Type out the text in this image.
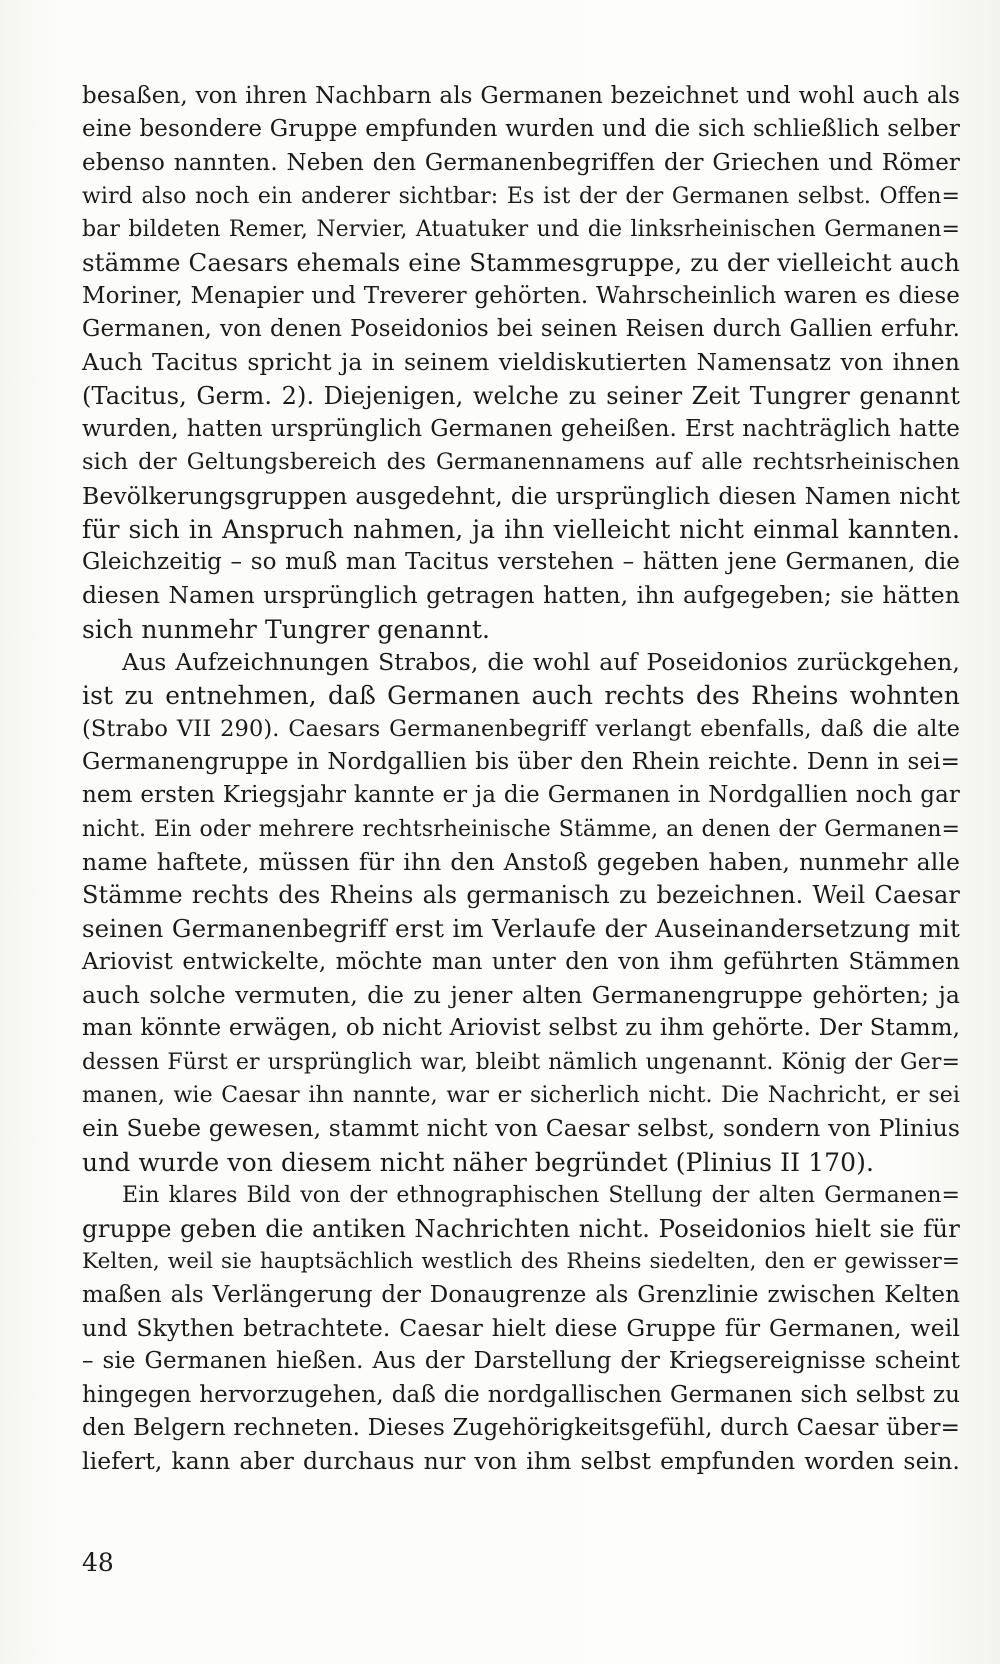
besaßen, von ihren Nachbarn als Germanen bezeichnet und wohl auch als

eine besondere Gruppe empfunden wurden und die sich schließlich selber

ebenso nannten. Neben den Germanenbegriffen der Griechen und Römer

wird also noch ein anderer sichtbar: Es ist der der Germanen selbst. Offen=

bar bildeten Remer, Nervier, Atuatuker und die linksrheinischen Germanen=

stämme Caesars ehemals eine Stammesgruppe, zu der vielleicht auch

Moriner, Menapier und Treverer gehörten. Wahrscheinlich waren es diese

Germanen, von denen Poseidonios bei seinen Reisen durch Gallien erfuhr.

Auch Tacitus spricht ja in seinem vieldiskutierten Namensatz von ihnen

(Tacitus, Germ. 2). Diejenigen, welche zu seiner Zeit Tungrer genannt

wurden, hatten ursprünglich Germanen geheißen. Erst nachträglich hatte

sich der Geltungsbereich des Germanennamens auf alle rechtsrheinischen

Bevölkerungsgruppen ausgedehnt, die ursprünglich diesen Namen nicht

für sich in Anspruch nahmen, ja ihn vielleicht nicht einmal kannten.

Gleichzeitig – so muß man Tacitus verstehen – hätten jene Germanen, die

diesen Namen ursprünglich getragen hatten, ihn aufgegeben; sie hätten

sich nunmehr Tungrer genannt.

Aus Aufzeichnungen Strabos, die wohl auf Poseidonios zurückgehen,

ist zu entnehmen, daß Germanen auch rechts des Rheins wohnten

(Strabo VII 290). Caesars Germanenbegriff verlangt ebenfalls, daß die alte

Germanengruppe in Nordgallien bis über den Rhein reichte. Denn in sei=

nem ersten Kriegsjahr kannte er ja die Germanen in Nordgallien noch gar

nicht. Ein oder mehrere rechtsrheinische Stämme, an denen der Germanen=

name haftete, müssen für ihn den Anstoß gegeben haben, nunmehr alle

Stämme rechts des Rheins als germanisch zu bezeichnen. Weil Caesar

seinen Germanenbegriff erst im Verlaufe der Auseinandersetzung mit

Ariovist entwickelte, möchte man unter den von ihm geführten Stämmen

auch solche vermuten, die zu jener alten Germanengruppe gehörten; ja

man könnte erwägen, ob nicht Ariovist selbst zu ihm gehörte. Der Stamm,

dessen Fürst er ursprünglich war, bleibt nämlich ungenannt. König der Ger=

manen, wie Caesar ihn nannte, war er sicherlich nicht. Die Nachricht, er sei

ein Suebe gewesen, stammt nicht von Caesar selbst, sondern von Plinius

und wurde von diesem nicht näher begründet (Plinius II 170).

Ein klares Bild von der ethnographischen Stellung der alten Germanen=

gruppe geben die antiken Nachrichten nicht. Poseidonios hielt sie für

Kelten, weil sie hauptsächlich westlich des Rheins siedelten, den er gewisser=

maßen als Verlängerung der Donaugrenze als Grenzlinie zwischen Kelten

und Skythen betrachtete. Caesar hielt diese Gruppe für Germanen, weil

– sie Germanen hießen. Aus der Darstellung der Kriegsereignisse scheint

hingegen hervorzugehen, daß die nordgallischen Germanen sich selbst zu

den Belgern rechneten. Dieses Zugehörigkeitsgefühl, durch Caesar über=

liefert, kann aber durchaus nur von ihm selbst empfunden worden sein.

48
